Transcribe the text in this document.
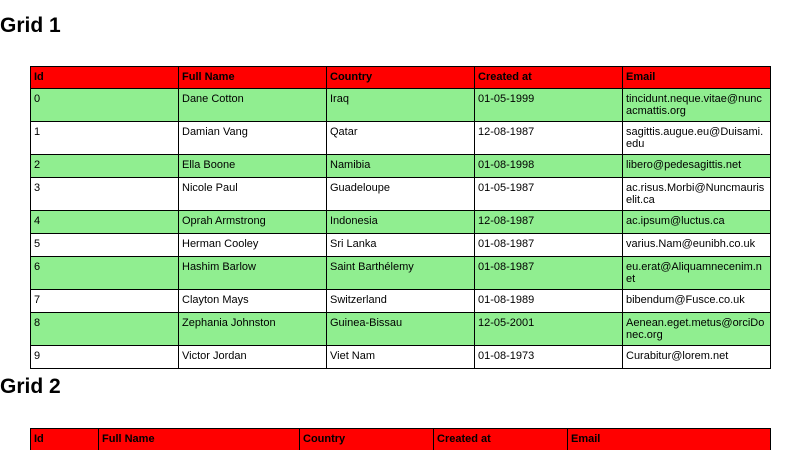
Grid 1
Id	Full Name	Country	Created at	Email
0	Dane Cotton	Iraq	01-05-1999	tincidunt.neque.vitae@nuncacmattis.org
1	Damian Vang	Qatar	12-08-1987	sagittis.augue.eu@Duisami.edu
2	Ella Boone	Namibia	01-08-1998	libero@pedesagittis.net
3	Nicole Paul	Guadeloupe	01-05-1987	ac.risus.Morbi@Nuncmauriselit.ca
4	Oprah Armstrong	Indonesia	12-08-1987	ac.ipsum@luctus.ca
5	Herman Cooley	Sri Lanka	01-08-1987	varius.Nam@eunibh.co.uk
6	Hashim Barlow	Saint Barthélemy	01-08-1987	eu.erat@Aliquamnecenim.net
7	Clayton Mays	Switzerland	01-08-1989	bibendum@Fusce.co.uk
8	Zephania Johnston	Guinea-Bissau	12-05-2001	Aenean.eget.metus@orciDonec.org
9	Victor Jordan	Viet Nam	01-08-1973	Curabitur@lorem.net
Grid 2
Id	Full Name	Country	Created at	Email
